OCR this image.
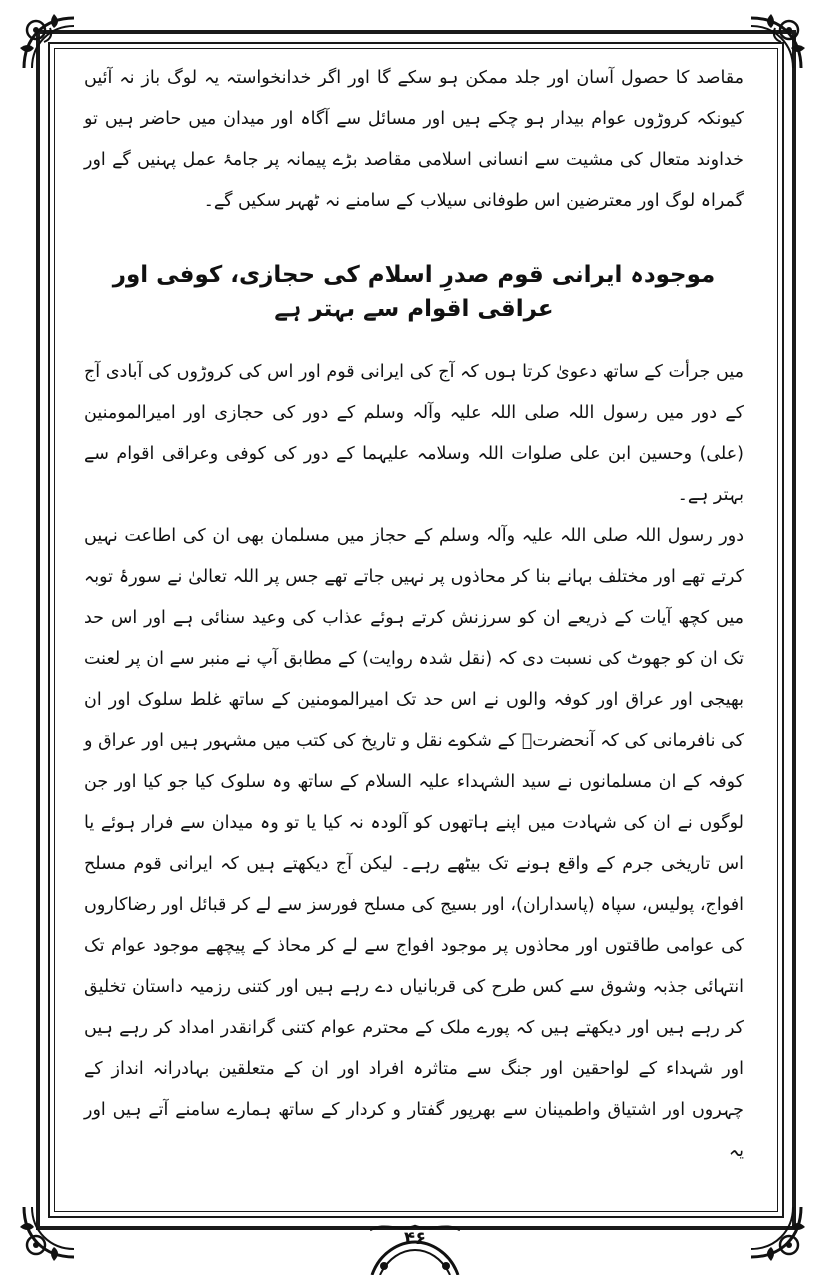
مقاصد کا حصول آسان اور جلد ممکن ہو سکے گا اور اگر خدانخواستہ یہ لوگ باز نہ آئیں کیونکہ کروڑوں عوام بیدار ہو چکے ہیں اور مسائل سے آگاہ اور میدان میں حاضر ہیں تو خداوند متعال کی مشیت سے انسانی اسلامی مقاصد بڑے پیمانہ پر جامۂ عمل پہنیں گے اور گمراہ لوگ اور معترضین اس طوفانی سیلاب کے سامنے نہ ٹھہر سکیں گے۔

موجودہ ایرانی قوم صدرِ اسلام کی حجازی، کوفی اور عراقی اقوام سے بہتر ہے

میں جرأت کے ساتھ دعویٰ کرتا ہوں کہ آج کی ایرانی قوم اور اس کی کروڑوں کی آبادی آج کے دور میں رسول اللہ صلی اللہ علیہ وآلہ وسلم کے دور کی حجازی اور امیرالمومنین (علی) وحسین ابن علی صلوات اللہ وسلامہ علیہما کے دور کی کوفی وعراقی اقوام سے بہتر ہے۔

دور رسول اللہ صلی اللہ علیہ وآلہ وسلم کے حجاز میں مسلمان بھی ان کی اطاعت نہیں کرتے تھے اور مختلف بہانے بنا کر محاذوں پر نہیں جاتے تھے جس پر اللہ تعالیٰ نے سورۂ توبہ میں کچھ آیات کے ذریعے ان کو سرزنش کرتے ہوئے عذاب کی وعید سنائی ہے اور اس حد تک ان کو جھوٹ کی نسبت دی کہ (نقل شدہ روایت) کے مطابق آپ نے منبر سے ان پر لعنت بھیجی اور عراق اور کوفہ والوں نے اس حد تک امیرالمومنین کے ساتھ غلط سلوک اور ان کی نافرمانی کی کہ آنحضرتؑ کے شکوے نقل و تاریخ کی کتب میں مشہور ہیں اور عراق و کوفہ کے ان مسلمانوں نے سید الشہداء علیہ السلام کے ساتھ وہ سلوک کیا جو کیا اور جن لوگوں نے ان کی شہادت میں اپنے ہاتھوں کو آلودہ نہ کیا یا تو وہ میدان سے فرار ہوئے یا اس تاریخی جرم کے واقع ہونے تک بیٹھے رہے۔ لیکن آج دیکھتے ہیں کہ ایرانی قوم مسلح افواج، پولیس، سپاہ (پاسداران)، اور بسیج کی مسلح فورسز سے لے کر قبائل اور رضاکاروں کی عوامی طاقتوں اور محاذوں پر موجود افواج سے لے کر محاذ کے پیچھے موجود عوام تک انتہائی جذبہ وشوق سے کس طرح کی قربانیاں دے رہے ہیں اور کتنی رزمیہ داستان تخلیق کر رہے ہیں اور دیکھتے ہیں کہ پورے ملک کے محترم عوام کتنی گرانقدر امداد کر رہے ہیں اور شہداء کے لواحقین اور جنگ سے متاثرہ افراد اور ان کے متعلقین بہادرانہ انداز کے چہروں اور اشتیاق واطمینان سے بھرپور گفتار و کردار کے ساتھ ہمارے سامنے آتے ہیں اور یہ

۴۶
